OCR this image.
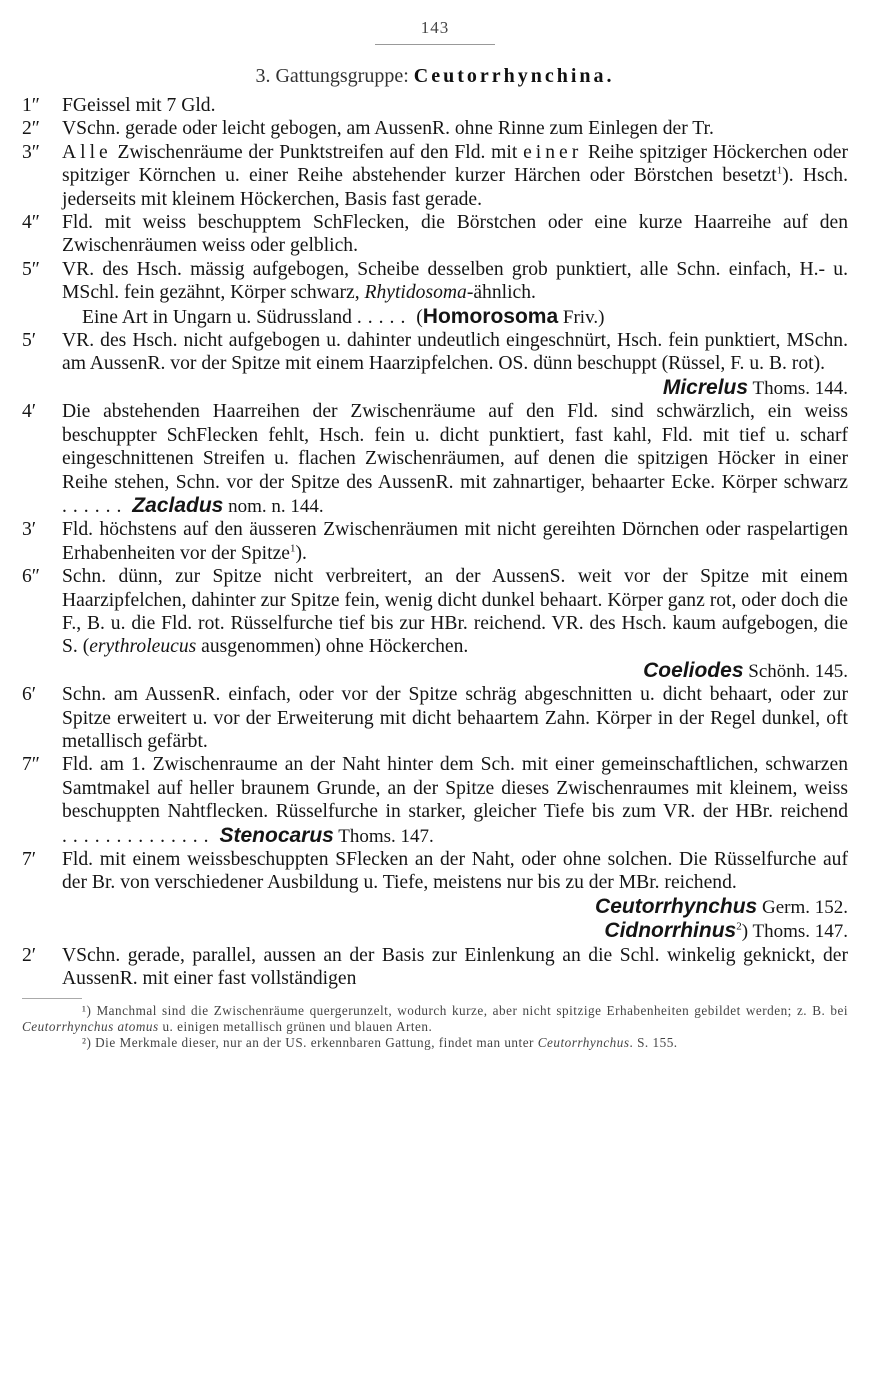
143
3. Gattungsgruppe: Ceutorrhynchina.
1″	FGeissel mit 7 Gld.
2″	VSchn. gerade oder leicht gebogen, am AussenR. ohne Rinne zum Einlegen der Tr.
3″	Alle Zwischenräume der Punktstreifen auf den Fld. mit einer Reihe spitziger Höckerchen oder spitziger Körnchen u. einer Reihe abstehender kurzer Härchen oder Börstchen besetzt$^1$). Hsch. jederseits mit kleinem Höckerchen, Basis fast gerade.
4″	Fld. mit weiss beschupptem SchFlecken, die Börstchen oder eine kurze Haarreihe auf den Zwischenräumen weiss oder gelblich.
5″	VR. des Hsch. mässig aufgebogen, Scheibe desselben grob punktiert, alle Schn. einfach, H.- u. MSchl. fein gezähnt, Körper schwarz, Rhytidosoma-ähnlich.
Eine Art in Ungarn u. Südrussland ..... (Homorosoma Friv.)
5′	VR. des Hsch. nicht aufgebogen u. dahinter undeutlich eingeschnürt, Hsch. fein punktiert, MSchn. am AussenR. vor der Spitze mit einem Haarzipfelchen. OS. dünn beschuppt (Rüssel, F. u. B. rot).
Micrelus Thoms. 144.
4′	Die abstehenden Haarreihen der Zwischenräume auf den Fld. sind schwärzlich, ein weiss beschuppter SchFlecken fehlt, Hsch. fein u. dicht punktiert, fast kahl, Fld. mit tief u. scharf eingeschnittenen Streifen u. flachen Zwischenräumen, auf denen die spitzigen Höcker in einer Reihe stehen, Schn. vor der Spitze des AussenR. mit zahnartiger, behaarter Ecke. Körper schwarz ...... Zacladus nom. n. 144.
3′	Fld. höchstens auf den äusseren Zwischenräumen mit nicht gereihten Dörnchen oder raspelartigen Erhabenheiten vor der Spitze$^1$).
6″	Schn. dünn, zur Spitze nicht verbreitert, an der AussenS. weit vor der Spitze mit einem Haarzipfelchen, dahinter zur Spitze fein, wenig dicht dunkel behaart. Körper ganz rot, oder doch die F., B. u. die Fld. rot. Rüsselfurche tief bis zur HBr. reichend. VR. des Hsch. kaum aufgebogen, die S. (erythroleucus ausgenommen) ohne Höckerchen.
Coeliodes Schönh. 145.
6′	Schn. am AussenR. einfach, oder vor der Spitze schräg abgeschnitten u. dicht behaart, oder zur Spitze erweitert u. vor der Erweiterung mit dicht behaartem Zahn. Körper in der Regel dunkel, oft metallisch gefärbt.
7″	Fld. am 1. Zwischenraume an der Naht hinter dem Sch. mit einer gemeinschaftlichen, schwarzen Samtmakel auf heller braunem Grunde, an der Spitze dieses Zwischenraumes mit kleinem, weiss beschuppten Nahtflecken. Rüsselfurche in starker, gleicher Tiefe bis zum VR. der HBr. reichend .............. Stenocarus Thoms. 147.
7′	Fld. mit einem weissbeschuppten SFlecken an der Naht, oder ohne solchen. Die Rüsselfurche auf der Br. von verschiedener Ausbildung u. Tiefe, meistens nur bis zu der MBr. reichend.
Ceutorrhynchus Germ. 152.
Cidnorrhinus$^2$) Thoms. 147.
2′	VSchn. gerade, parallel, aussen an der Basis zur Einlenkung an die Schl. winkelig geknickt, der AussenR. mit einer fast vollständigen
¹) Manchmal sind die Zwischenräume quergerunzelt, wodurch kurze, aber nicht spitzige Erhabenheiten gebildet werden; z. B. bei Ceutorrhynchus atomus u. einigen metallisch grünen und blauen Arten.
²) Die Merkmale dieser, nur an der US. erkennbaren Gattung, findet man unter Ceutorrhynchus. S. 155.
